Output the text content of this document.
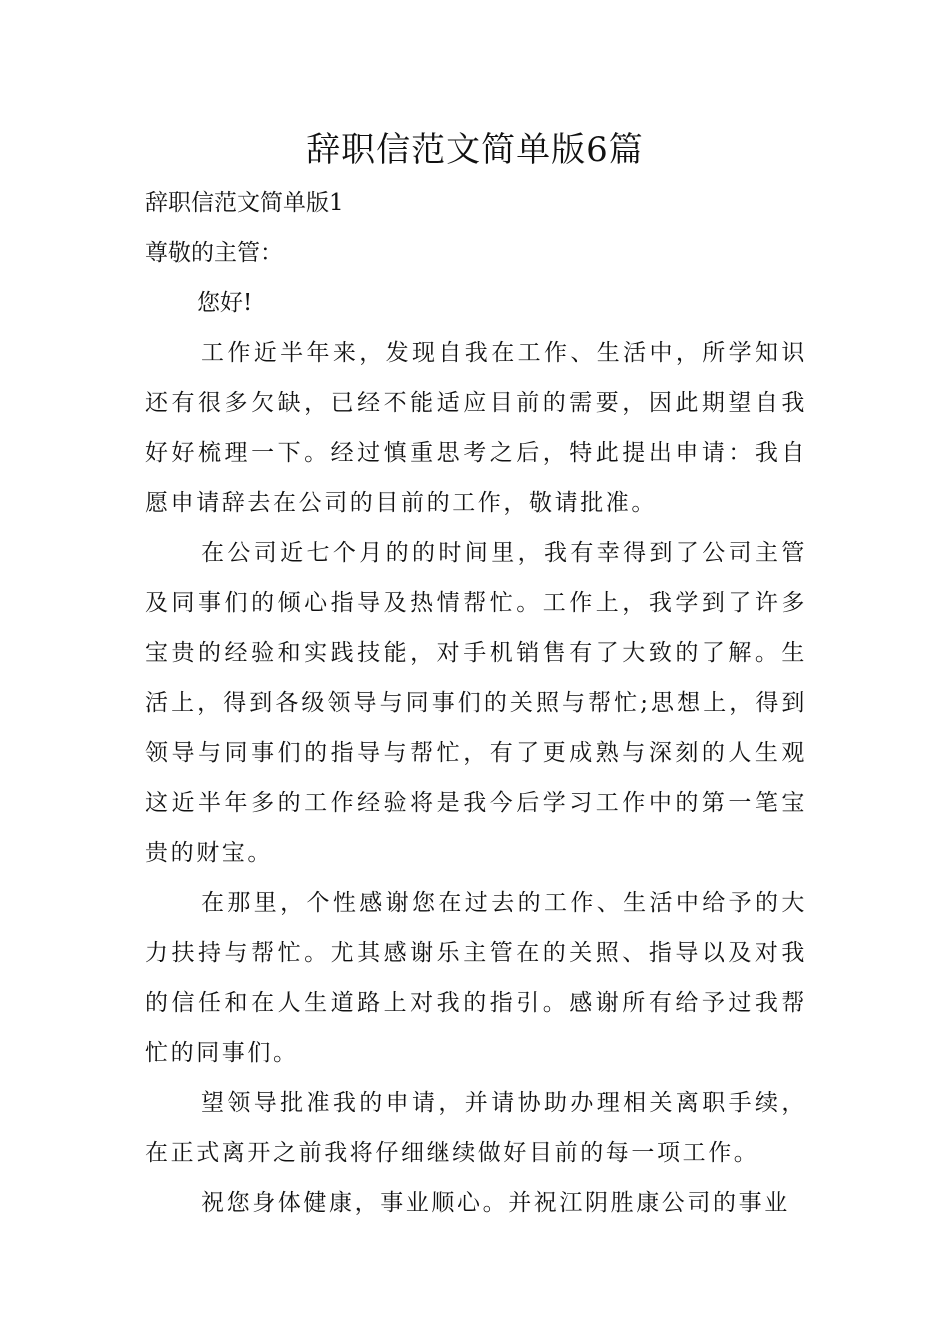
辞职信范文简单版6篇

辞职信范文简单版1

尊敬的主管：

您好!

工作近半年来，发现自我在工作、生活中，所学知识还有很多欠缺，已经不能适应目前的需要，因此期望自我好好梳理一下。经过慎重思考之后，特此提出申请：我自愿申请辞去在公司的目前的工作，敬请批准。

在公司近七个月的的时间里，我有幸得到了公司主管及同事们的倾心指导及热情帮忙。工作上，我学到了许多宝贵的经验和实践技能，对手机销售有了大致的了解。生活上，得到各级领导与同事们的关照与帮忙;思想上，得到领导与同事们的指导与帮忙，有了更成熟与深刻的人生观这近半年多的工作经验将是我今后学习工作中的第一笔宝贵的财宝。

在那里，个性感谢您在过去的工作、生活中给予的大力扶持与帮忙。尤其感谢乐主管在的关照、指导以及对我的信任和在人生道路上对我的指引。感谢所有给予过我帮忙的同事们。

望领导批准我的申请，并请协助办理相关离职手续，在正式离开之前我将仔细继续做好目前的每一项工作。

祝您身体健康，事业顺心。并祝江阴胜康公司的事业
